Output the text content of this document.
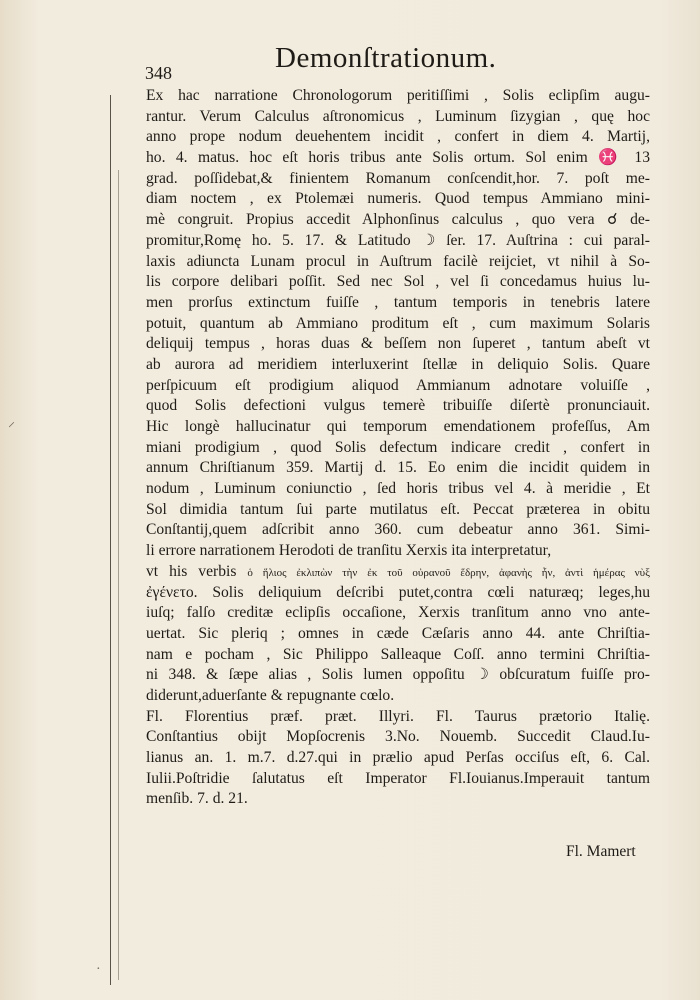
⸍
·
348	Demonſtrationum.
Ex hac narratione Chronologorum peritiſſimi , Solis eclipſim augu-
rantur. Verum Calculus aſtronomicus , Luminum ſizygian , quę hoc
anno prope nodum deuehentem incidit , confert in diem 4. Martij,
ho. 4. matus. hoc eſt horis tribus ante Solis ortum. Sol enim ♓ 13
grad. poſſidebat,& finientem Romanum conſcendit,hor. 7. poſt me-
diam noctem , ex Ptolemæi numeris. Quod tempus Ammiano mini-
mè congruit. Propius accedit Alphonſinus calculus , quo vera ☌ de-
promitur,Romę ho. 5. 17. & Latitudo ☽ ſer. 17. Auſtrina : cui paral-
laxis adiuncta Lunam procul in Auſtrum facilè reijciet, vt nihil à So-
lis corpore delibari poſſit. Sed nec Sol , vel ſi concedamus huius lu-
men prorſus extinctum fuiſſe , tantum temporis in tenebris latere
potuit, quantum ab Ammiano proditum eſt , cum maximum Solaris
deliquij tempus , horas duas & beſſem non ſuperet , tantum abeſt vt
ab aurora ad meridiem interluxerint ſtellæ in deliquio Solis. Quare
perſpicuum eſt prodigium aliquod Ammianum adnotare voluiſſe ,
quod Solis defectioni vulgus temerè tribuiſſe diſertè pronunciauit.
Hic longè hallucinatur qui temporum emendationem profeſſus, Am
miani prodigium , quod Solis defectum indicare credit , confert in
annum Chriſtianum 359. Martij d. 15. Eo enim die incidit quidem in
nodum , Luminum coniunctio , ſed horis tribus vel 4. à meridie , Et
Sol dimidia tantum ſui parte mutilatus eſt. Peccat præterea in obitu
Conſtantij,quem adſcribit anno 360. cum debeatur anno 361. Simi-
li errore narrationem Herodoti de tranſitu Xerxis ita interpretatur,
vt his verbis ὁ ἥλιος ἐκλιπὼν τὴν ἐκ τοῦ οὐρανοῦ ἕδρην, ἀφανὴς ἦν, ἀντὶ ἡμέρας νὺξ
ἐγένετο. Solis deliquium deſcribi putet,contra cœli naturæq; leges,hu
iuſq; falſo creditæ eclipſis occaſione, Xerxis tranſitum anno vno ante-
uertat. Sic pleriq ; omnes in cæde Cæſaris anno 44. ante Chriſtia-
nam e pocham , Sic Philippo Salleaque Coſſ. anno termini Chriſtia-
ni 348. & ſæpe alias , Solis lumen oppoſitu ☽ obſcuratum fuiſſe pro-
diderunt,aduerſante & repugnante cœlo.
Fl. Florentius præf. præt. Illyri. Fl. Taurus prætorio Italię.
Conſtantius obijt Mopſocrenis 3.No. Nouemb. Succedit Claud.Iu-
lianus an. 1. m.7. d.27.qui in prælio apud Perſas occiſus eſt, 6. Cal.
Iulii.Poſtridie ſalutatus eſt Imperator Fl.Iouianus.Imperauit tantum
menſib. 7. d. 21.
Fl. Mamert
